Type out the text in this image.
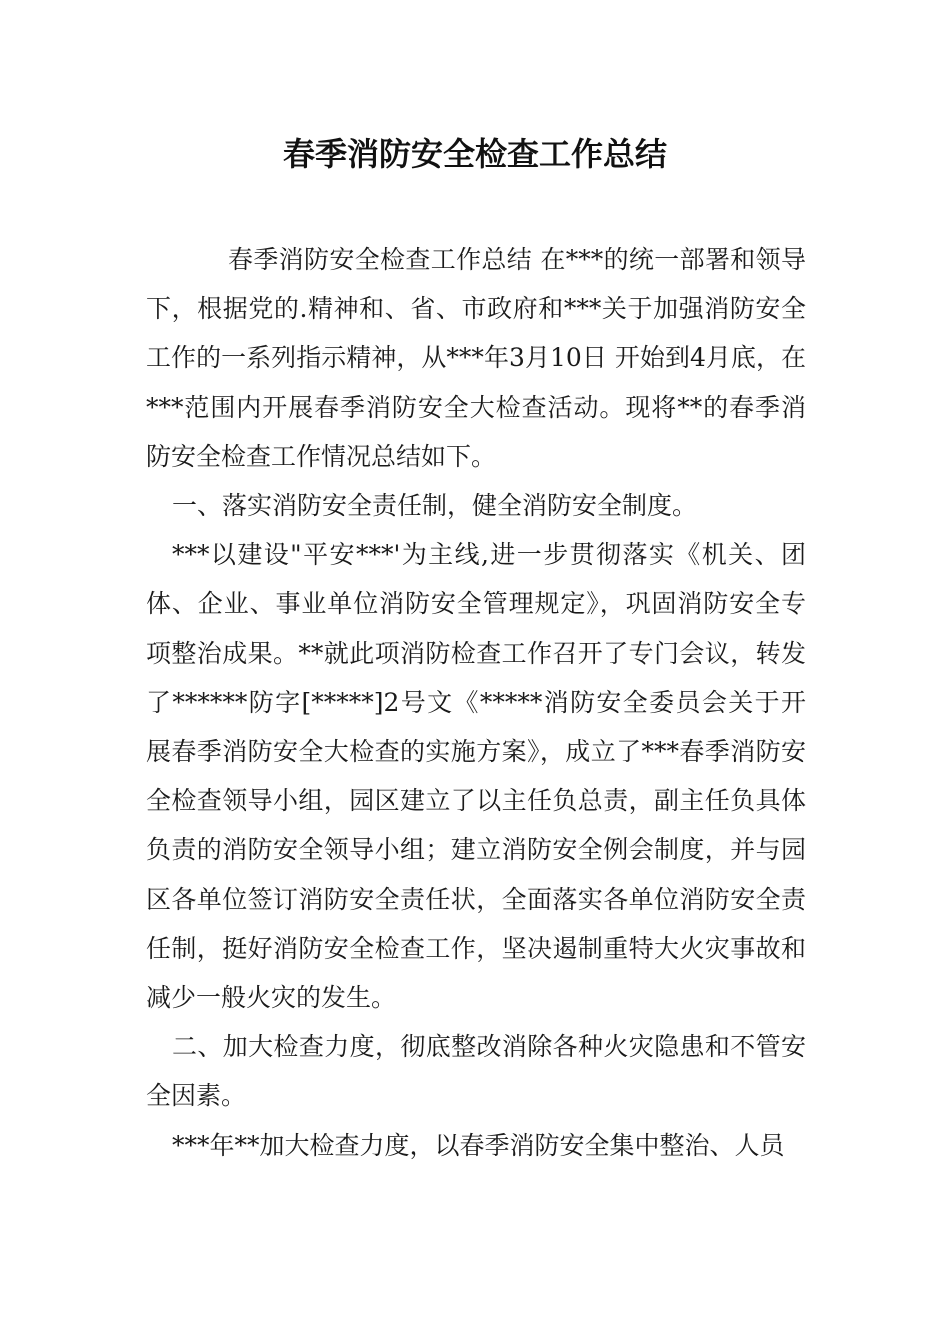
春季消防安全检查工作总结

春季消防安全检查工作总结 在***的统一部署和领导下，根据党的.精神和、省、市政府和***关于加强消防安全工作的一系列指示精神，从***年3月10日 开始到4月底，在***范围内开展春季消防安全大检查活动。现将**的春季消防安全检查工作情况总结如下。

一、落实消防安全责任制，健全消防安全制度。

***以建设"平安***'为主线,进一步贯彻落实《机关、团体、企业、事业单位消防安全管理规定》，巩固消防安全专项整治成果。**就此项消防检查工作召开了专门会议，转发了******防字[*****]2号文《*****消防安全委员会关于开展春季消防安全大检查的实施方案》，成立了***春季消防安全检查领导小组，园区建立了以主任负总责，副主任负具体负责的消防安全领导小组；建立消防安全例会制度，并与园区各单位签订消防安全责任状，全面落实各单位消防安全责任制，挺好消防安全检查工作，坚决遏制重特大火灾事故和减少一般火灾的发生。

二、加大检查力度，彻底整改消除各种火灾隐患和不管安全因素。

***年**加大检查力度，以春季消防安全集中整治、人员
